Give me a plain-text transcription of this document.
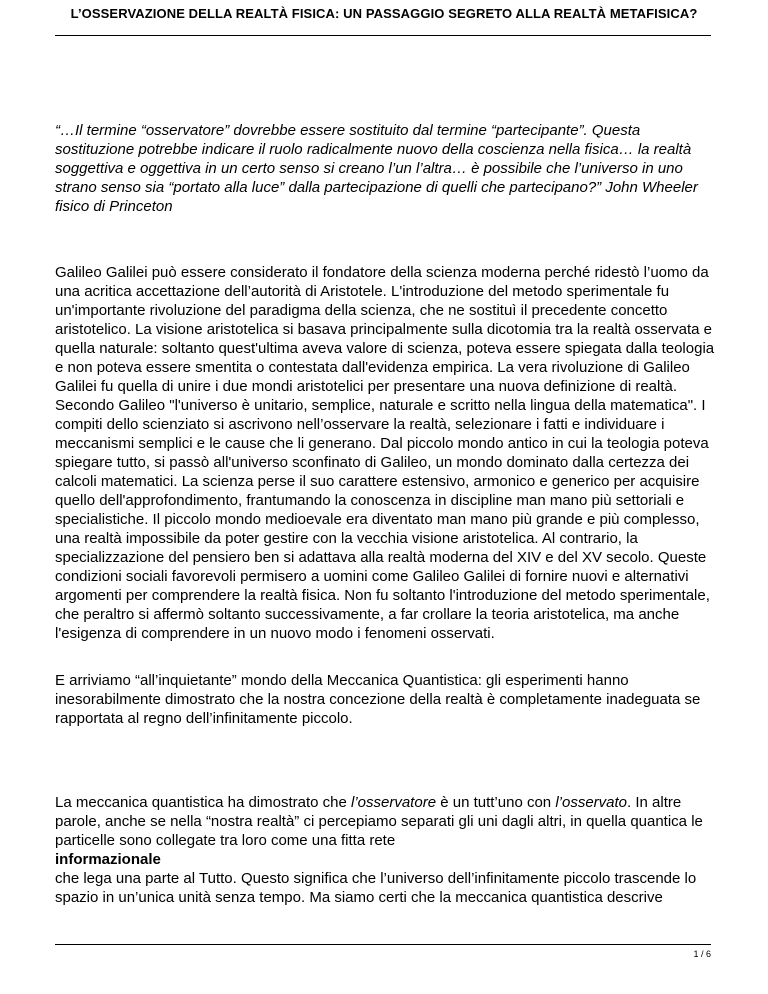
L’OSSERVAZIONE DELLA REALTÀ FISICA: UN PASSAGGIO SEGRETO ALLA REALTÀ METAFISICA?

“…Il termine “osservatore” dovrebbe essere sostituito dal termine “partecipante”. Questa sostituzione potrebbe indicare il ruolo radicalmente nuovo della coscienza nella fisica… la realtà soggettiva e oggettiva in un certo senso si creano l’un l’altra… è possibile che l’universo in uno strano senso sia “portato alla luce” dalla partecipazione di quelli che partecipano?” John Wheeler fisico di Princeton

Galileo Galilei può essere considerato il fondatore della scienza moderna perché ridestò l’uomo da una acritica accettazione dell’autorità di Aristotele. L'introduzione del metodo sperimentale fu un'importante rivoluzione del paradigma della scienza, che ne sostituì il precedente concetto aristotelico. La visione aristotelica si basava principalmente sulla dicotomia tra la realtà osservata e quella naturale: soltanto quest'ultima aveva valore di scienza, poteva essere spiegata dalla teologia e non poteva essere smentita o contestata dall'evidenza empirica. La vera rivoluzione di Galileo Galilei fu quella di unire i due mondi aristotelici per presentare una nuova definizione di realtà. Secondo Galileo "l'universo è unitario, semplice, naturale e scritto nella lingua della matematica". I compiti dello scienziato si ascrivono nell’osservare la realtà, selezionare i fatti e individuare i meccanismi semplici e le cause che li generano. Dal piccolo mondo antico in cui la teologia poteva spiegare tutto, si passò all'universo sconfinato di Galileo, un mondo dominato dalla certezza dei calcoli matematici. La scienza perse il suo carattere estensivo, armonico e generico per acquisire quello dell'approfondimento, frantumando la conoscenza in discipline man mano più settoriali e specialistiche. Il piccolo mondo medioevale era diventato man mano più grande e più complesso, una realtà impossibile da poter gestire con la vecchia visione aristotelica. Al contrario, la specializzazione del pensiero ben si adattava alla realtà moderna del XIV e del XV secolo. Queste condizioni sociali favorevoli permisero a uomini come Galileo Galilei di fornire nuovi e alternativi argomenti per comprendere la realtà fisica. Non fu soltanto l'introduzione del metodo sperimentale, che peraltro si affermò soltanto successivamente, a far crollare la teoria aristotelica, ma anche l'esigenza di comprendere in un nuovo modo i fenomeni osservati.

E arriviamo “all’inquietante” mondo della Meccanica Quantistica: gli esperimenti hanno inesorabilmente dimostrato che la nostra concezione della realtà è completamente inadeguata se rapportata al regno dell’infinitamente piccolo.

La meccanica quantistica ha dimostrato che l’osservatore è un tutt’uno con l’osservato. In altre parole, anche se nella “nostra realtà” ci percepiamo separati gli uni dagli altri, in quella quantica le particelle sono collegate tra loro come una fitta rete
informazionale
che lega una parte al Tutto. Questo significa che l’universo dell’infinitamente piccolo trascende lo spazio in un’unica unità senza tempo. Ma siamo certi che la meccanica quantistica descrive

1 / 6
